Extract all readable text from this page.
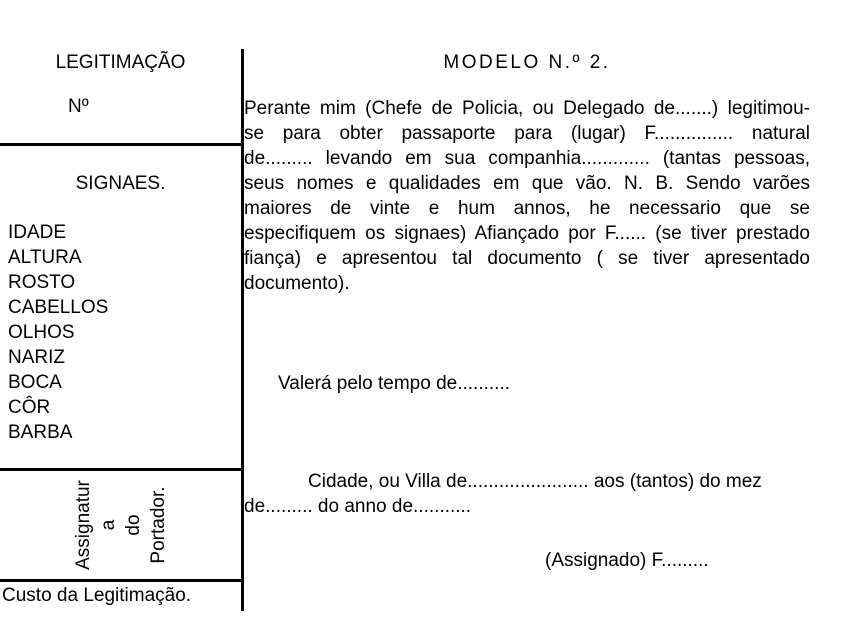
LEGITIMAÇÃO
Nº
SIGNAES.
IDADE
ALTURA
ROSTO
CABELLOS
OLHOS
NARIZ
BOCA
CÔR
BARBA
Assignatur a do Portador.
Custo da Legitimação.
MODELO N.º 2.
Perante mim (Chefe de Policia, ou Delegado de.......) legitimou-
se para obter passaporte para (lugar) F............... natural
de......... levando em sua companhia............. (tantas pessoas,
seus nomes e qualidades em que vão. N. B. Sendo varões
maiores de vinte e hum annos, he necessario que se
especifiquem os signaes) Afiançado por F...... (se tiver prestado
fiança) e apresentou tal documento ( se tiver apresentado
documento).
Valerá pelo tempo de..........
Cidade, ou Villa de....................... aos (tantos) do mez
de......... do anno de...........
(Assignado) F.........
